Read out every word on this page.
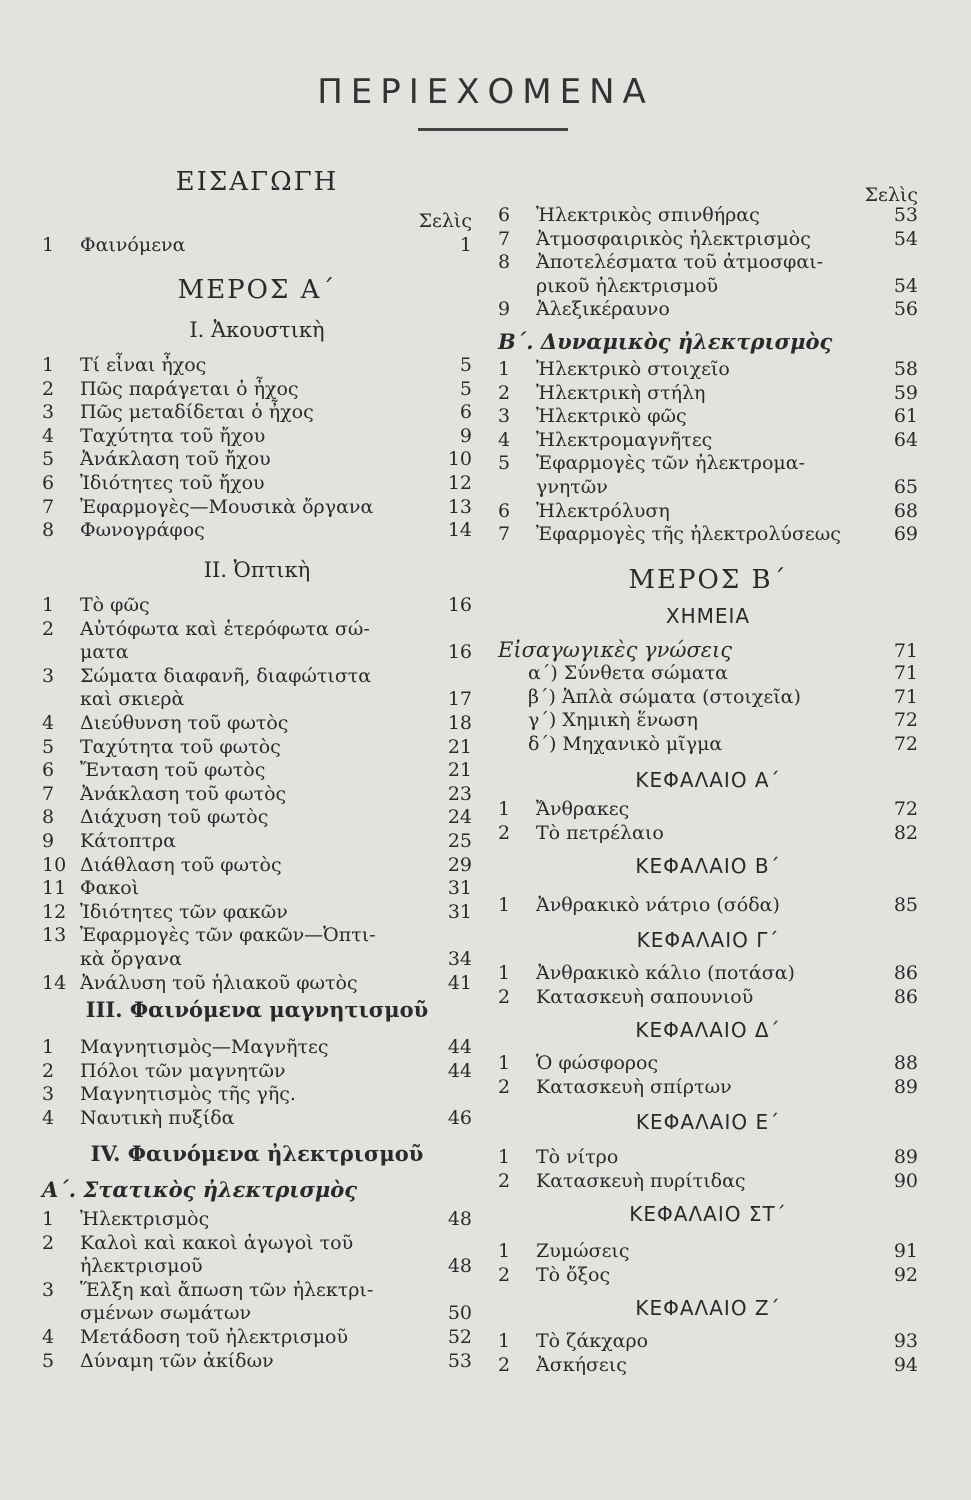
ΠΕΡΙΕΧΟΜΕΝΑ
ΕΙΣΑΓΩΓΗ
Σελὶς
ΜΕΡΟΣ Α΄
I. Ἀκουστικὴ
II. Ὀπτικὴ
III. Φαινόμενα μαγνητισμοῦ
IV. Φαινόμενα ἠλεκτρισμοῦ
Α΄. Στατικὸς ἠλεκτρισμὸς
1	Φαινόμενα	1
1	Τί εἶναι ἦχος	5
2	Πῶς παράγεται ὁ ἦχος	5
3	Πῶς μεταδίδεται ὁ ἦχος	6
4	Ταχύτητα τοῦ ἤχου	9
5	Ἀνάκλαση τοῦ ἤχου	10
6	Ἰδιότητες τοῦ ἤχου	12
7	Ἐφαρμογὲς—Μουσικὰ ὄργανα	13
8	Φωνογράφος	14
1	Τὸ φῶς	16
2	Αὐτόφωτα καὶ ἑτερόφωτα σώ-
ματα	16
3	Σώματα διαφανῆ, διαφώτιστα
καὶ σκιερὰ	17
4	Διεύθυνση τοῦ φωτὸς	18
5	Ταχύτητα τοῦ φωτὸς	21
6	Ἔνταση τοῦ φωτὸς	21
7	Ἀνάκλαση τοῦ φωτὸς	23
8	Διάχυση τοῦ φωτὸς	24
9	Κάτοπτρα	25
10 Διάθλαση τοῦ φωτὸς	29
11 Φακοὶ	31
12 Ἰδιότητες τῶν φακῶν	31
13 Ἐφαρμογὲς τῶν φακῶν—Ὀπτι-
κὰ ὄργανα	34
14 Ἀνάλυση τοῦ ἡλιακοῦ φωτὸς	41
1	Μαγνητισμὸς—Μαγνῆτες	44
2	Πόλοι τῶν μαγνητῶν	44
3	Μαγνητισμὸς τῆς γῆς.
4	Ναυτικὴ πυξίδα	46
1	Ἠλεκτρισμὸς	48
2	Καλοὶ καὶ κακοὶ ἀγωγοὶ τοῦ
ἠλεκτρισμοῦ	48
3	Ἕλξη καὶ ἄπωση τῶν ἠλεκτρι-
σμένων σωμάτων	50
4	Μετάδοση τοῦ ἠλεκτρισμοῦ	52
5	Δύναμη τῶν ἀκίδων	53
Σελὶς
Β΄. Δυναμικὸς ἠλεκτρισμὸς
ΜΕΡΟΣ Β΄
ΧΗΜΕΙΑ
Εἰσαγωγικὲς γνώσεις	71
ΚΕΦΑΛΑΙΟ Α΄
ΚΕΦΑΛΑΙΟ Β΄
ΚΕΦΑΛΑΙΟ Γ΄
ΚΕΦΑΛΑΙΟ Δ΄
ΚΕΦΑΛΑΙΟ Ε΄
ΚΕΦΑΛΑΙΟ ΣΤ΄
ΚΕΦΑΛΑΙΟ Ζ΄
6	Ἠλεκτρικὸς σπινθήρας	53
7	Ἀτμοσφαιρικὸς ἠλεκτρισμὸς	54
8	Ἀποτελέσματα τοῦ ἀτμοσφαι-
ρικοῦ ἠλεκτρισμοῦ	54
9	Ἀλεξικέραυνο	56
1	Ἠλεκτρικὸ στοιχεῖο	58
2	Ἠλεκτρικὴ στήλη	59
3	Ἠλεκτρικὸ φῶς	61
4	Ἠλεκτρομαγνῆτες	64
5	Ἐφαρμογὲς τῶν ἠλεκτρομα-
γνητῶν	65
6	Ἠλεκτρόλυση	68
7	Ἐφαρμογὲς τῆς ἠλεκτρολύσεως	69
α΄) Σύνθετα σώματα	71
β΄) Ἁπλὰ σώματα (στοιχεῖα)	71
γ΄) Χημικὴ ἕνωση	72
δ΄) Μηχανικὸ μῖγμα	72
1	Ἄνθρακες	72
2	Τὸ πετρέλαιο	82
1	Ἀνθρακικὸ νάτριο (σόδα)	85
1	Ἀνθρακικὸ κάλιο (ποτάσα)	86
2	Κατασκευὴ σαπουνιοῦ	86
1	Ὁ φώσφορος	88
2	Κατασκευὴ σπίρτων	89
1	Τὸ νίτρο	89
2	Κατασκευὴ πυρίτιδας	90
1	Ζυμώσεις	91
2	Τὸ ὄξος	92
1	Τὸ ζάκχαρο	93
2	Ἀσκήσεις	94
